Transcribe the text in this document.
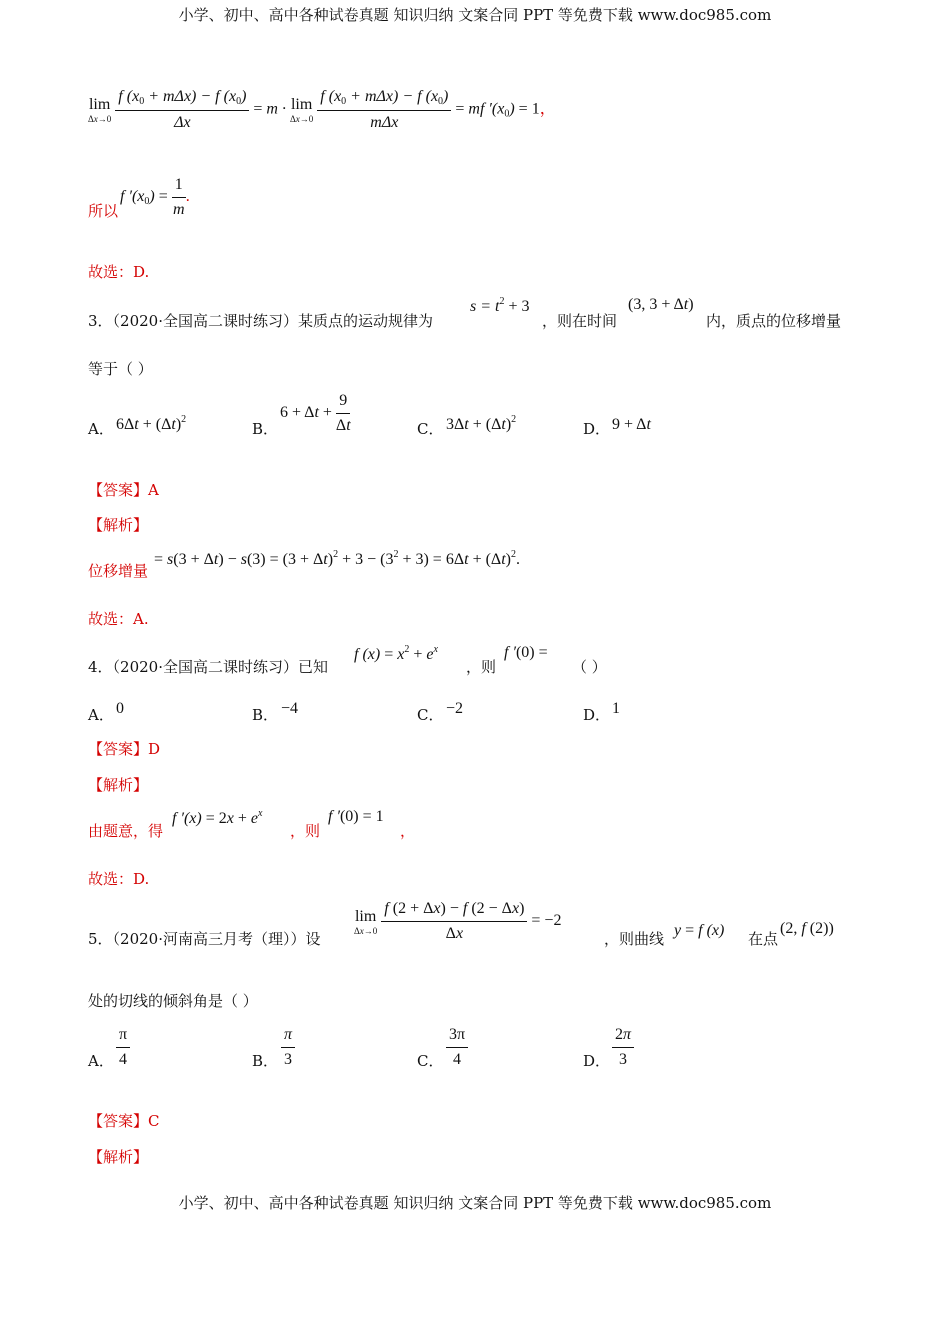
小学、初中、高中各种试卷真题 知识归纳 文案合同 PPT 等免费下载 www.doc985.com
小学、初中、高中各种试卷真题 知识归纳 文案合同 PPT 等免费下载 www.doc985.com
lim
Δx→0
$\frac{f (x_0 + m\Delta x) - f (x_0)}{\Delta x} = m \cdot \lim$
Δx→0
$\frac{f (x_0 + m\Delta x) - f (x_0)}{\text{mΔx}}$ = mf $'(x_0) = 1$，
所以
f $'(x_0) = \frac{1}{m}$ .
故选：D.
3．（2020·全国高二课时练习）某质点的运动规律为
$s = t^2 + 3$
，则在时间
(3, 3 + Δt)
内，质点的位移增量
等于（ ）
A． $6\Delta t + (\Delta t)^2$
B．
$6 + \Delta t + \frac{9}{\Delta t}$	C． $3\Delta t + (\Delta t)^2$
D． 9 + Δt
【答案】A
【解析】
位移增量
= $s(3 + \Delta t) - s(3) = (3 + \Delta t)^2 + 3 - (3^2 + 3) = 6\Delta t + (\Delta t)^2$.
故选：A.
4．（2020·全国高二课时练习）已知
f $(x) = x^2 + e^x$
，则
f ′(0) =
（ ）
A． 0	B． −4	C． −2	D． 1
【答案】D
【解析】
由题意，得
f $'(x) = 2x + e^x$
，则
f ′(0) = 1
，
故选：D.
5．（2020·河南高三月考（理））设
lim
Δx→0
$\frac{f (2 + \Delta x) - f (2 - \Delta x)}{\Delta x} = -2$
，则曲线 y = f (x) 在点
(2, f (2))
处的切线的倾斜角是（ ）
A． $\frac{\pi}{4}$	B． $\frac{\pi}{3}$	C． $\frac{3\pi}{4}$	D． $\frac{2\pi}{3}$
【答案】C
【解析】
